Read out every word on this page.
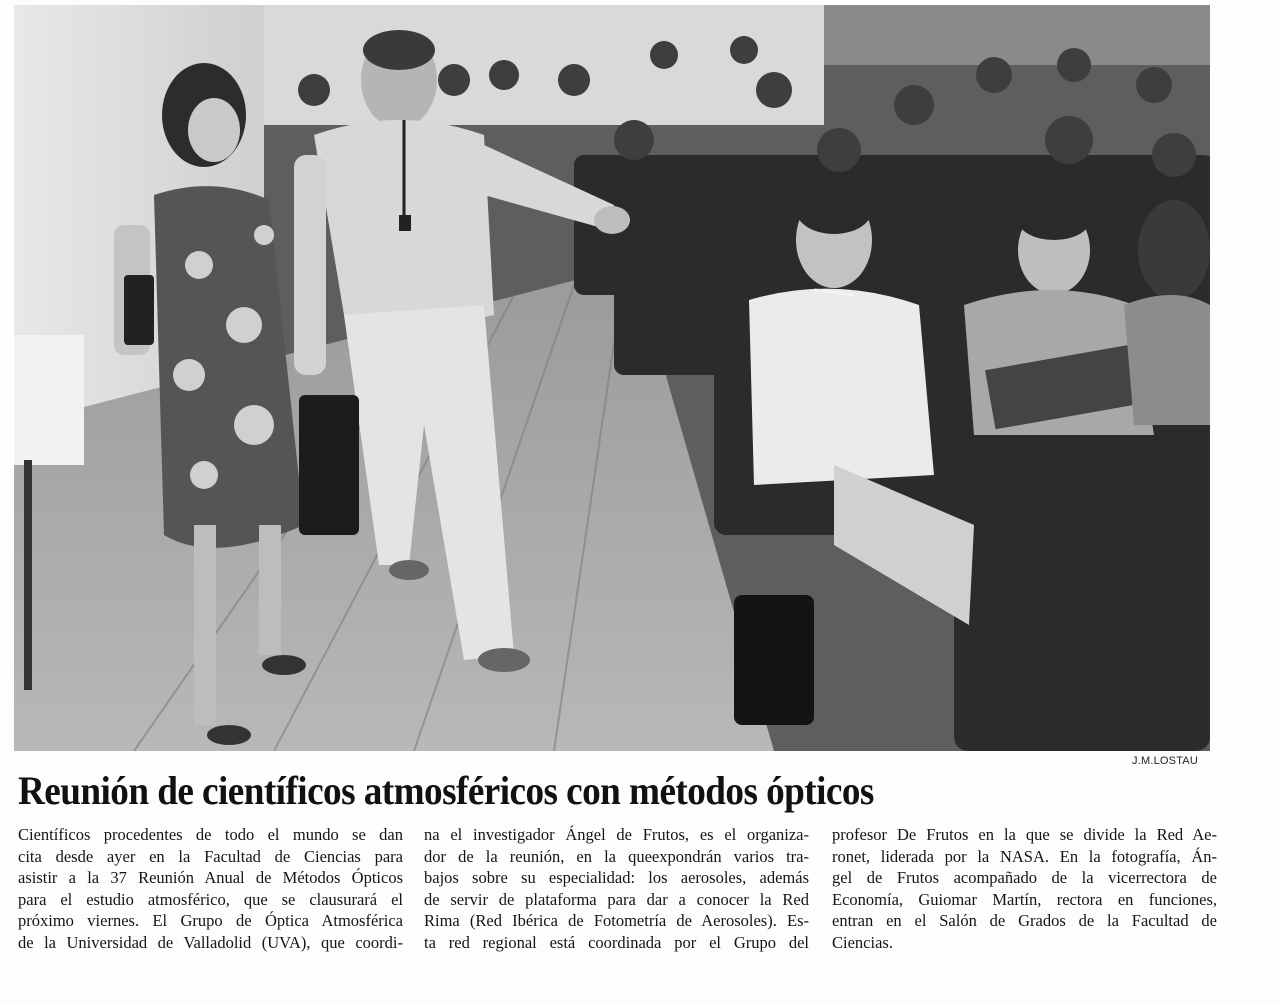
J.M.LOSTAU
Reunión de científicos atmosféricos con métodos ópticos
Científicos procedentes de todo el mundo se dan
cita desde ayer en la Facultad de Ciencias para
asistir a la 37 Reunión Anual de Métodos Ópticos
para el estudio atmosférico, que se clausurará el
próximo viernes. El Grupo de Óptica Atmosférica
de la Universidad de Valladolid (UVA), que coordi-
na el investigador Ángel de Frutos, es el organiza-
dor de la reunión, en la queexpondrán varios tra-
bajos sobre su especialidad: los aerosoles, además
de servir de plataforma para dar a conocer la Red
Rima (Red Ibérica de Fotometría de Aerosoles). Es-
ta red regional está coordinada por el Grupo del
profesor De Frutos en la que se divide la Red Ae-
ronet, liderada por la NASA. En la fotografía, Án-
gel de Frutos acompañado de la vicerrectora de
Economía, Guiomar Martín, rectora en funciones,
entran en el Salón de Grados de la Facultad de
Ciencias.
